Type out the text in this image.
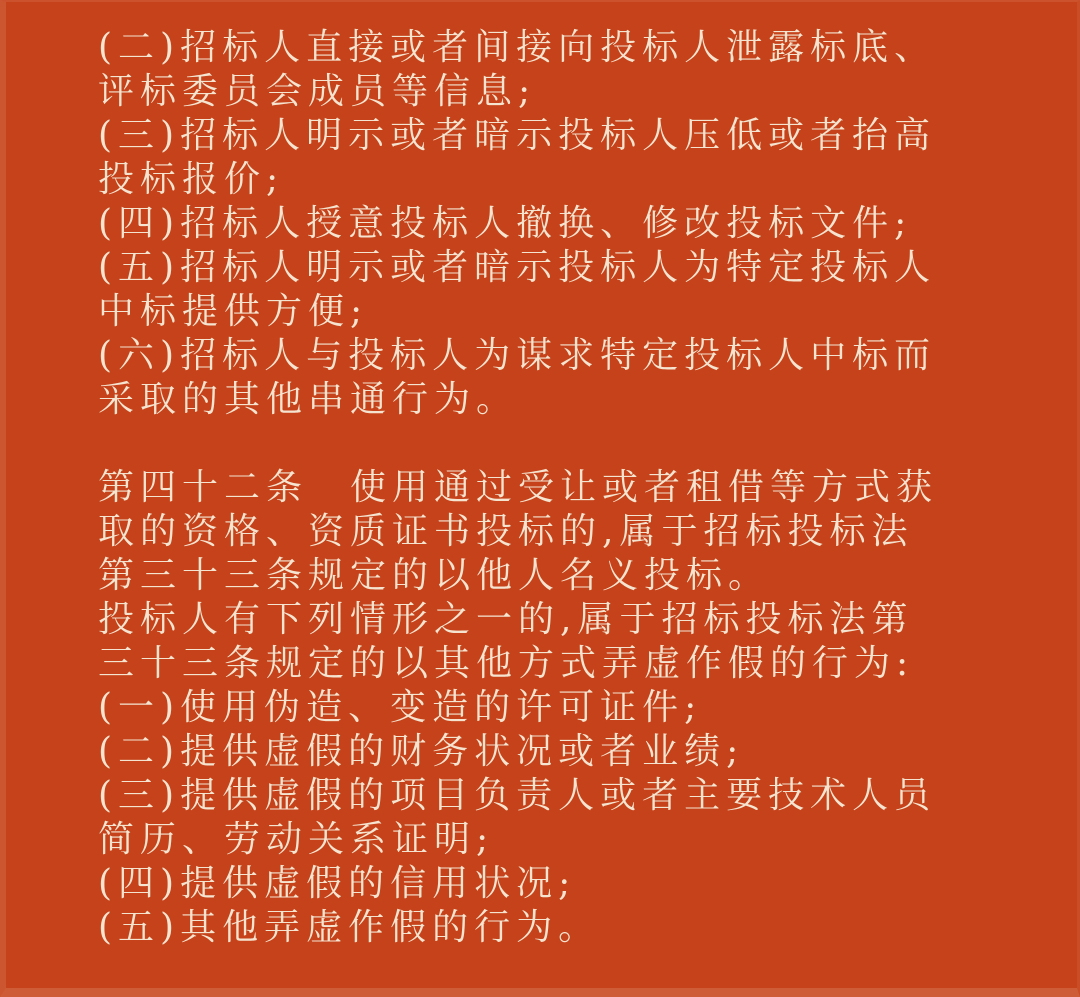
(二)招标人直接或者间接向投标人泄露标底、
评标委员会成员等信息;
(三)招标人明示或者暗示投标人压低或者抬高
投标报价;
(四)招标人授意投标人撤换、修改投标文件;
(五)招标人明示或者暗示投标人为特定投标人
中标提供方便;
(六)招标人与投标人为谋求特定投标人中标而
采取的其他串通行为。
第四十二条　使用通过受让或者租借等方式获
取的资格、资质证书投标的,属于招标投标法
第三十三条规定的以他人名义投标。
投标人有下列情形之一的,属于招标投标法第
三十三条规定的以其他方式弄虚作假的行为:
(一)使用伪造、变造的许可证件;
(二)提供虚假的财务状况或者业绩;
(三)提供虚假的项目负责人或者主要技术人员
简历、劳动关系证明;
(四)提供虚假的信用状况;
(五)其他弄虚作假的行为。
